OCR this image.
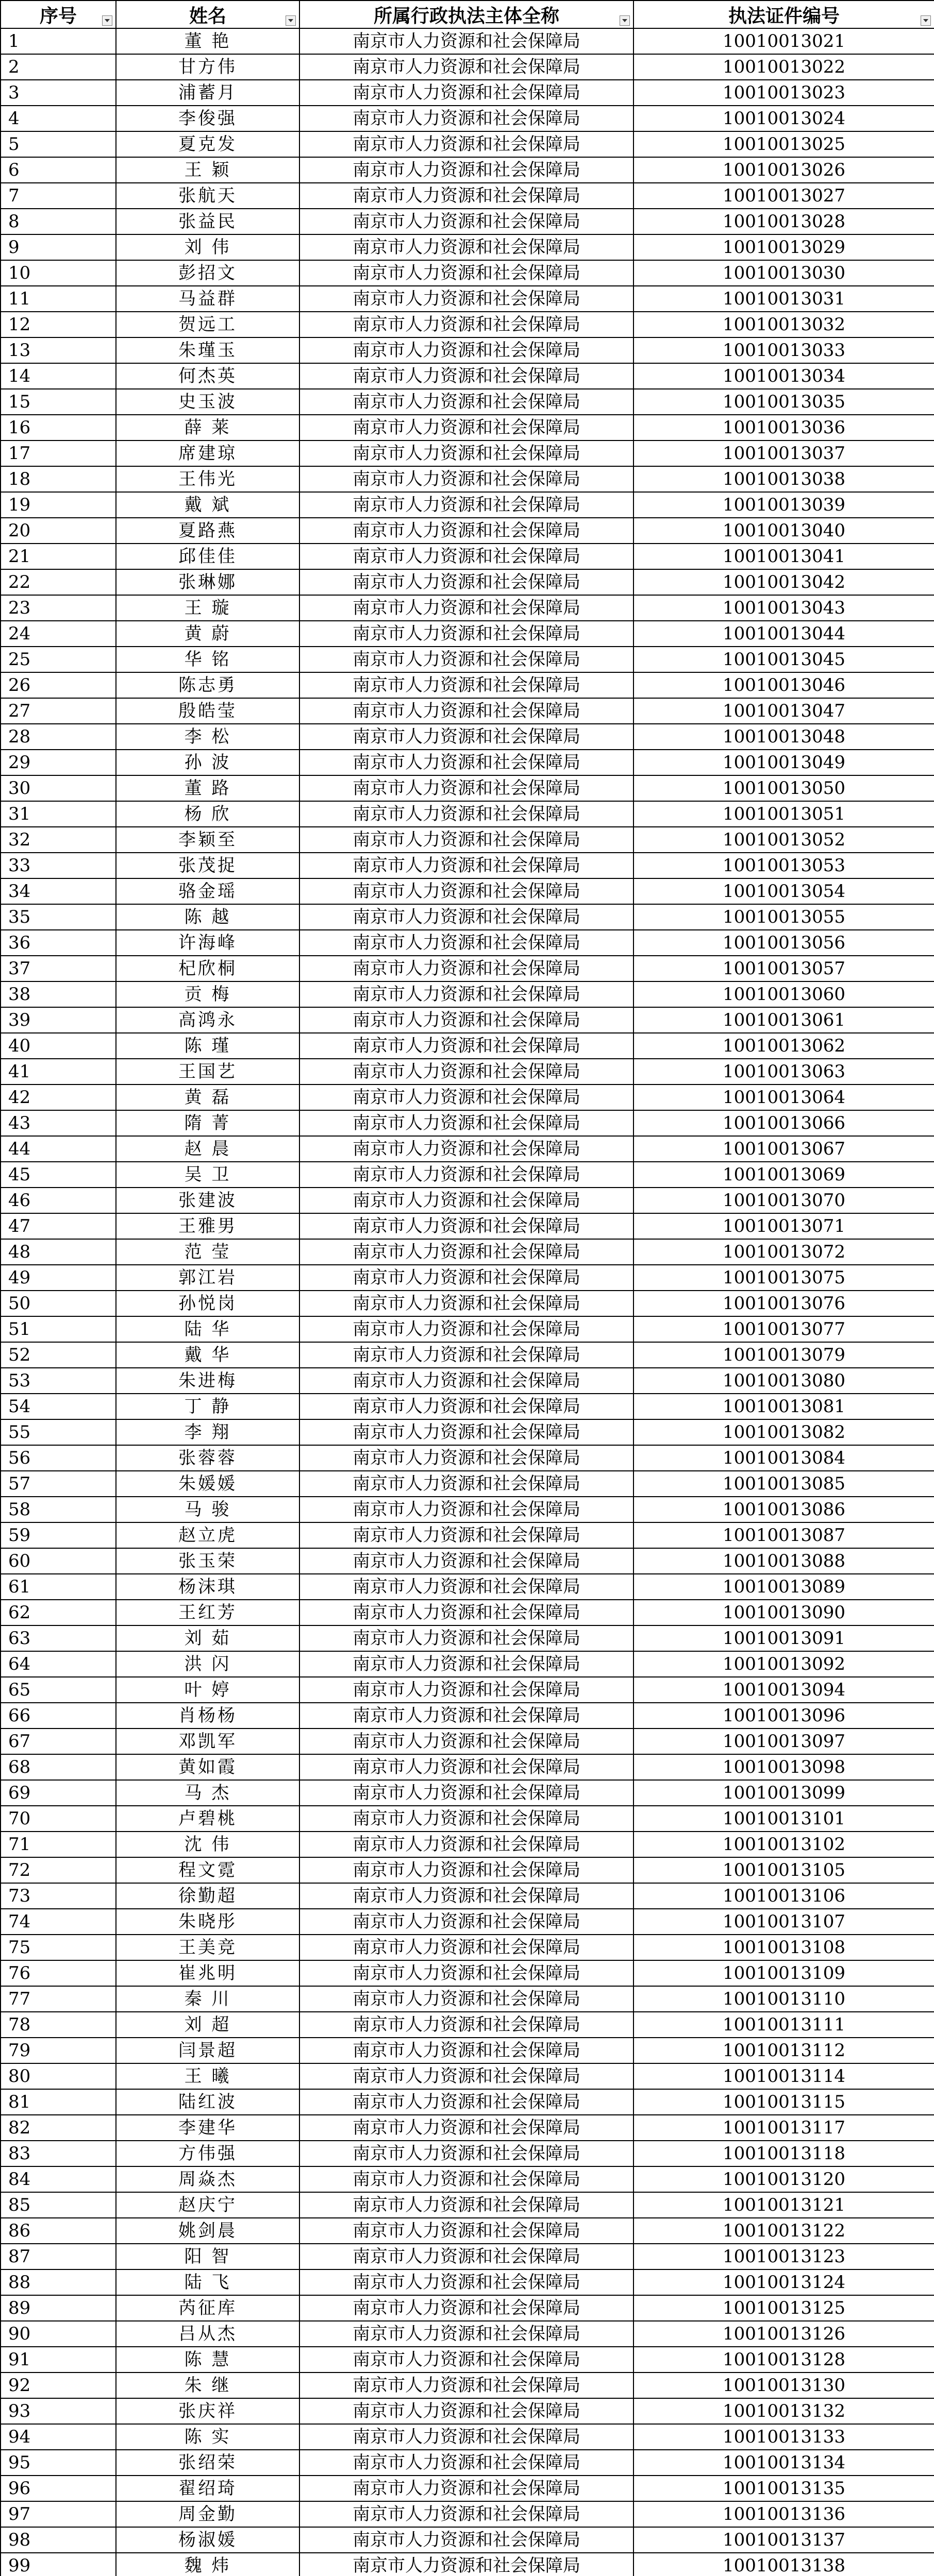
序号	姓名	所属行政执法主体全称	执法证件编号

1	董 艳	南京市人力资源和社会保障局	10010013021
2	甘方伟	南京市人力资源和社会保障局	10010013022
3	浦蓄月	南京市人力资源和社会保障局	10010013023
4	李俊强	南京市人力资源和社会保障局	10010013024
5	夏克发	南京市人力资源和社会保障局	10010013025
6	王 颖	南京市人力资源和社会保障局	10010013026
7	张航天	南京市人力资源和社会保障局	10010013027
8	张益民	南京市人力资源和社会保障局	10010013028
9	刘 伟	南京市人力资源和社会保障局	10010013029
10	彭招文	南京市人力资源和社会保障局	10010013030
11	马益群	南京市人力资源和社会保障局	10010013031
12	贺远工	南京市人力资源和社会保障局	10010013032
13	朱瑾玉	南京市人力资源和社会保障局	10010013033
14	何杰英	南京市人力资源和社会保障局	10010013034
15	史玉波	南京市人力资源和社会保障局	10010013035
16	薛 莱	南京市人力资源和社会保障局	10010013036
17	席建琼	南京市人力资源和社会保障局	10010013037
18	王伟光	南京市人力资源和社会保障局	10010013038
19	戴 斌	南京市人力资源和社会保障局	10010013039
20	夏路燕	南京市人力资源和社会保障局	10010013040
21	邱佳佳	南京市人力资源和社会保障局	10010013041
22	张琳娜	南京市人力资源和社会保障局	10010013042
23	王 璇	南京市人力资源和社会保障局	10010013043
24	黄 蔚	南京市人力资源和社会保障局	10010013044
25	华 铭	南京市人力资源和社会保障局	10010013045
26	陈志勇	南京市人力资源和社会保障局	10010013046
27	殷皓莹	南京市人力资源和社会保障局	10010013047
28	李 松	南京市人力资源和社会保障局	10010013048
29	孙 波	南京市人力资源和社会保障局	10010013049
30	董 路	南京市人力资源和社会保障局	10010013050
31	杨 欣	南京市人力资源和社会保障局	10010013051
32	李颖至	南京市人力资源和社会保障局	10010013052
33	张茂捉	南京市人力资源和社会保障局	10010013053
34	骆金瑶	南京市人力资源和社会保障局	10010013054
35	陈 越	南京市人力资源和社会保障局	10010013055
36	许海峰	南京市人力资源和社会保障局	10010013056
37	杞欣桐	南京市人力资源和社会保障局	10010013057
38	贡 梅	南京市人力资源和社会保障局	10010013060
39	高鸿永	南京市人力资源和社会保障局	10010013061
40	陈 瑾	南京市人力资源和社会保障局	10010013062
41	王国艺	南京市人力资源和社会保障局	10010013063
42	黄 磊	南京市人力资源和社会保障局	10010013064
43	隋 菁	南京市人力资源和社会保障局	10010013066
44	赵 晨	南京市人力资源和社会保障局	10010013067
45	吴 卫	南京市人力资源和社会保障局	10010013069
46	张建波	南京市人力资源和社会保障局	10010013070
47	王雅男	南京市人力资源和社会保障局	10010013071
48	范 莹	南京市人力资源和社会保障局	10010013072
49	郭江岩	南京市人力资源和社会保障局	10010013075
50	孙悦岗	南京市人力资源和社会保障局	10010013076
51	陆 华	南京市人力资源和社会保障局	10010013077
52	戴 华	南京市人力资源和社会保障局	10010013079
53	朱进梅	南京市人力资源和社会保障局	10010013080
54	丁 静	南京市人力资源和社会保障局	10010013081
55	李 翔	南京市人力资源和社会保障局	10010013082
56	张蓉蓉	南京市人力资源和社会保障局	10010013084
57	朱媛媛	南京市人力资源和社会保障局	10010013085
58	马 骏	南京市人力资源和社会保障局	10010013086
59	赵立虎	南京市人力资源和社会保障局	10010013087
60	张玉荣	南京市人力资源和社会保障局	10010013088
61	杨沫琪	南京市人力资源和社会保障局	10010013089
62	王红芳	南京市人力资源和社会保障局	10010013090
63	刘 茹	南京市人力资源和社会保障局	10010013091
64	洪 闪	南京市人力资源和社会保障局	10010013092
65	叶 婷	南京市人力资源和社会保障局	10010013094
66	肖杨杨	南京市人力资源和社会保障局	10010013096
67	邓凯军	南京市人力资源和社会保障局	10010013097
68	黄如霞	南京市人力资源和社会保障局	10010013098
69	马 杰	南京市人力资源和社会保障局	10010013099
70	卢碧桃	南京市人力资源和社会保障局	10010013101
71	沈 伟	南京市人力资源和社会保障局	10010013102
72	程文霓	南京市人力资源和社会保障局	10010013105
73	徐勤超	南京市人力资源和社会保障局	10010013106
74	朱晓彤	南京市人力资源和社会保障局	10010013107
75	王美竞	南京市人力资源和社会保障局	10010013108
76	崔兆明	南京市人力资源和社会保障局	10010013109
77	秦 川	南京市人力资源和社会保障局	10010013110
78	刘 超	南京市人力资源和社会保障局	10010013111
79	闫景超	南京市人力资源和社会保障局	10010013112
80	王 曦	南京市人力资源和社会保障局	10010013114
81	陆红波	南京市人力资源和社会保障局	10010013115
82	李建华	南京市人力资源和社会保障局	10010013117
83	方伟强	南京市人力资源和社会保障局	10010013118
84	周焱杰	南京市人力资源和社会保障局	10010013120
85	赵庆宁	南京市人力资源和社会保障局	10010013121
86	姚剑晨	南京市人力资源和社会保障局	10010013122
87	阳 智	南京市人力资源和社会保障局	10010013123
88	陆 飞	南京市人力资源和社会保障局	10010013124
89	芮征库	南京市人力资源和社会保障局	10010013125
90	吕从杰	南京市人力资源和社会保障局	10010013126
91	陈 慧	南京市人力资源和社会保障局	10010013128
92	朱 继	南京市人力资源和社会保障局	10010013130
93	张庆祥	南京市人力资源和社会保障局	10010013132
94	陈 实	南京市人力资源和社会保障局	10010013133
95	张绍荣	南京市人力资源和社会保障局	10010013134
96	翟绍琦	南京市人力资源和社会保障局	10010013135
97	周金勤	南京市人力资源和社会保障局	10010013136
98	杨淑媛	南京市人力资源和社会保障局	10010013137
99	魏 炜	南京市人力资源和社会保障局	10010013138
